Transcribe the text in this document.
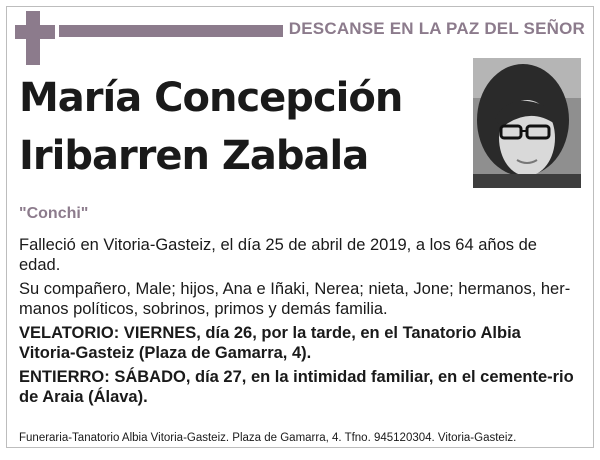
DESCANSE EN LA PAZ DEL SEÑOR
María Concepción
Iribarren Zabala
"Conchi"

Falleció en Vitoria-Gasteiz, el día 25 de abril de 2019, a los 64 años de edad.

Su compañero, Male; hijos, Ana e Iñaki, Nerea; nieta, Jone; hermanos, her-manos políticos, sobrinos, primos y demás familia.

VELATORIO: VIERNES, día 26, por la tarde, en el Tanatorio Albia Vitoria-Gasteiz (Plaza de Gamarra, 4).

ENTIERRO: SÁBADO, día 27, en la intimidad familiar, en el cemente-rio de Araia (Álava).

Funeraria-Tanatorio Albia Vitoria-Gasteiz. Plaza de Gamarra, 4. Tfno. 945120304. Vitoria-Gasteiz.
